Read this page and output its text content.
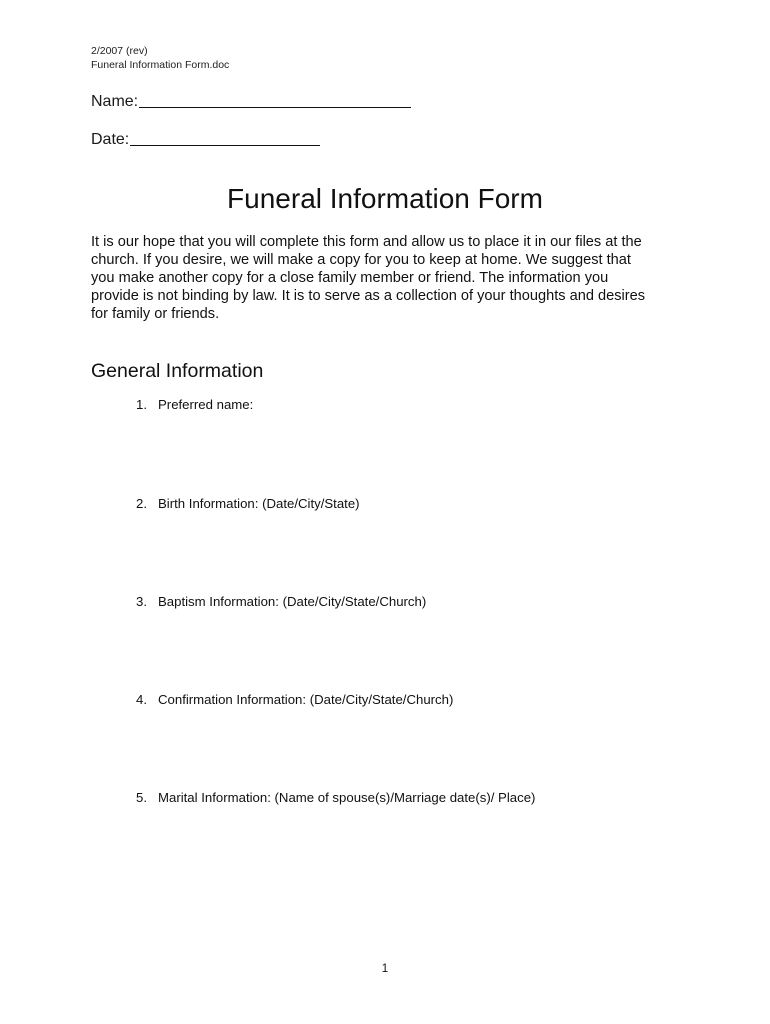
2/2007 (rev)
Funeral Information Form.doc
Name:
Date:
Funeral Information Form
It is our hope that you will complete this form and allow us to place it in our files at the
church. If you desire, we will make a copy for you to keep at home. We suggest that
you make another copy for a close family member or friend. The information you
provide is not binding by law. It is to serve as a collection of your thoughts and desires
for family or friends.
General Information
1. Preferred name:
2. Birth Information: (Date/City/State)
3. Baptism Information: (Date/City/State/Church)
4. Confirmation Information: (Date/City/State/Church)
5. Marital Information: (Name of spouse(s)/Marriage date(s)/ Place)
1
